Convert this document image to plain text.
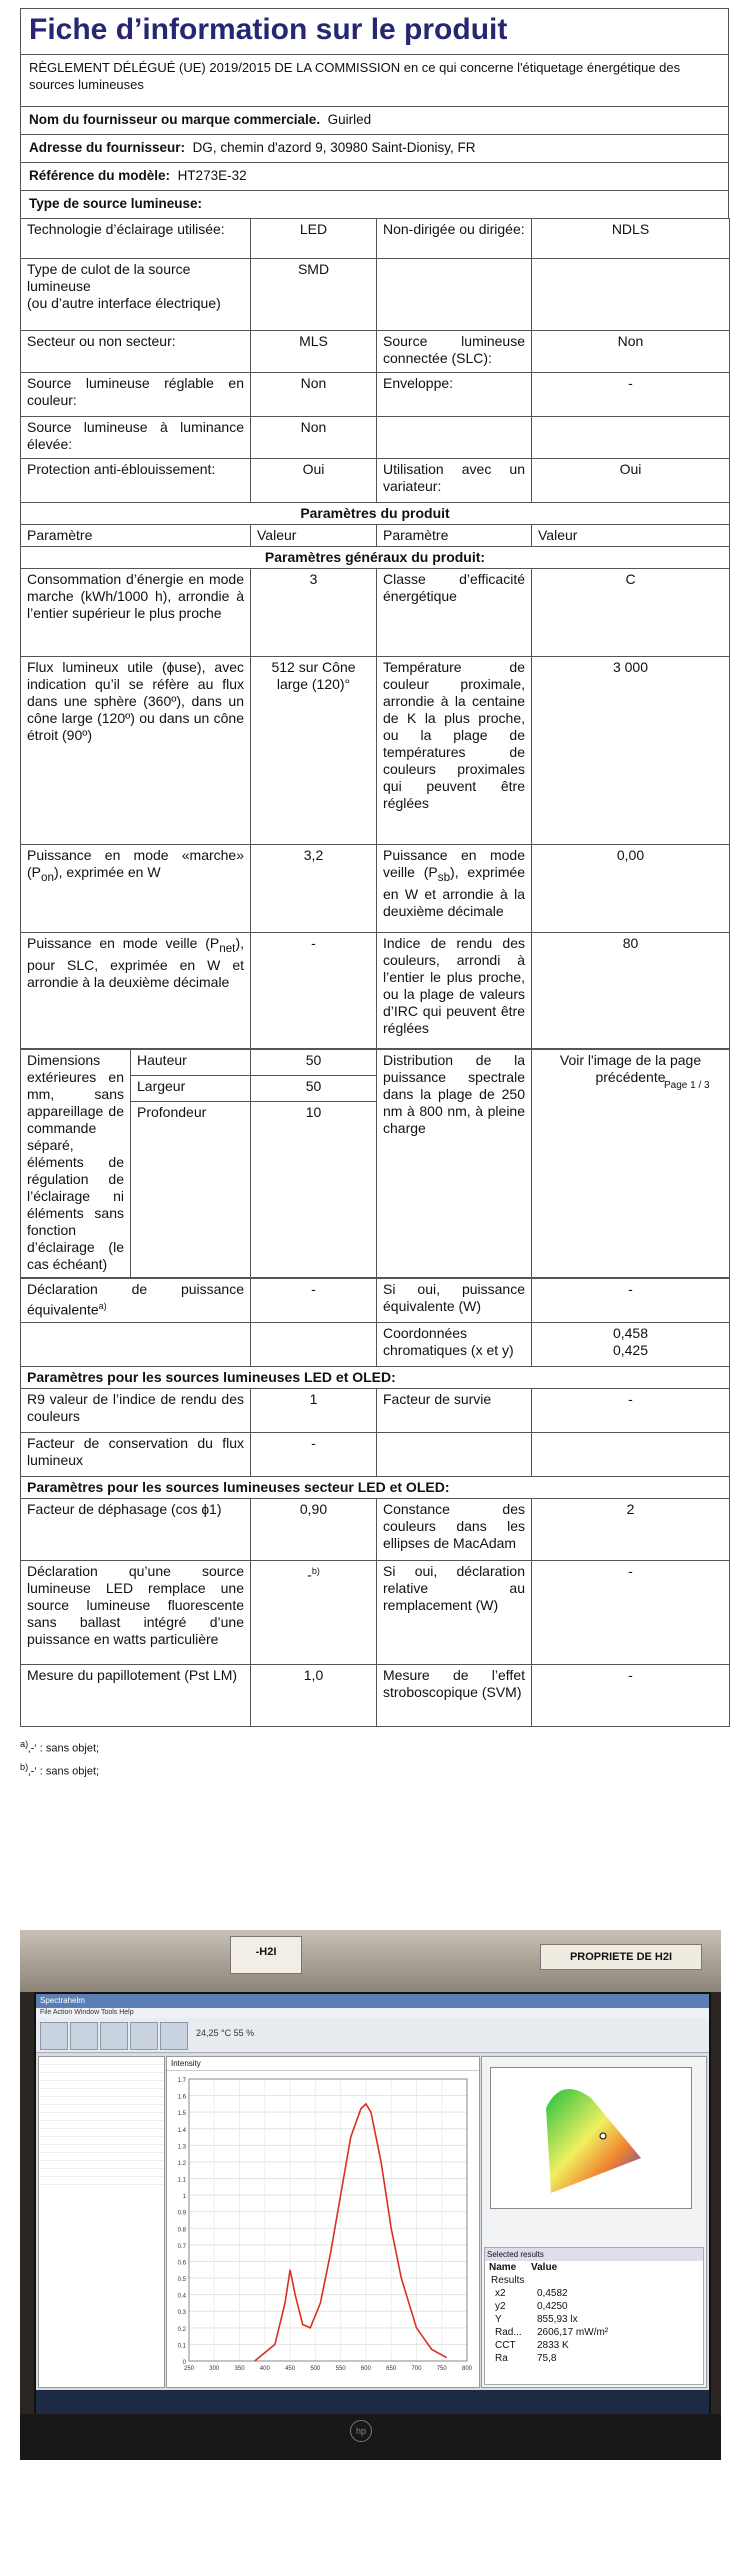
Fiche d’information sur le produit
RÈGLEMENT DÉLÉGUÉ (UE) 2019/2015 DE LA COMMISSION en ce qui concerne l'étiquetage énergétique des sources lumineuses
Nom du fournisseur ou marque commerciale. Guirled
Adresse du fournisseur: DG, chemin d'azord 9, 30980 Saint-Dionisy, FR
Référence du modèle: HT273E-32
Type de source lumineuse:
Technologie d’éclairage utilisée:	LED	Non-dirigée ou dirigée:	NDLS
Type de culot de la source lumineuse
(ou d’autre interface électrique)	SMD		
Secteur ou non secteur:	MLS	Source lumineuse connectée (SLC):	Non
Source lumineuse réglable en couleur:	Non	Enveloppe:	-
Source lumineuse à luminance élevée:	Non		
Protection anti-éblouissement:	Oui	Utilisation avec un variateur:	Oui
Paramètres du produit			
Paramètre	Valeur	Paramètre	Valeur
Paramètres généraux du produit:			
Consommation d’énergie en mode marche (kWh/1000 h), arrondie à l’entier supérieur le plus proche	3	Classe d’efficacité énergétique	C
Flux lumineux utile (ɸuse), avec indication qu’il se réfère au flux dans une sphère (360º), dans un cône large (120º) ou dans un cône étroit (90º)	512 sur Cône large (120)°	Température de couleur proximale, arrondie à la centaine de K la plus proche, ou la plage de températures de couleurs proximales qui peuvent être réglées	3 000
Puissance en mode «marche» $(P_{on})$, exprimée en W	3,2	Puissance en mode veille $(P_{sb})$, exprimée en W et arrondie à la deuxième décimale	0,00
Puissance en mode veille $(P_{net})$, pour SLC, exprimée en W et arrondie à la deuxième décimale	-	Indice de rendu des couleurs, arrondi à l’entier le plus proche, ou la plage de valeurs d’IRC qui peuvent être réglées	80
Dimensions extérieures en mm, sans appareillage de commande séparé, éléments de régulation de l’éclairage ni éléments sans fonction d’éclairage (le cas échéant)	Hauteur	50	Distribution de la puissance spectrale dans la plage de 250 nm à 800 nm, à pleine charge	Voir l'image de la page précédente
	Largeur	50		
	Profondeur	10		

Déclaration de puissance équivalente$^{a)}$	-	Si oui, puissance équivalente (W)	-
		Coordonnées chromatiques (x et y)	0,458
0,425
Paramètres pour les sources lumineuses LED et OLED:			
R9 valeur de l’indice de rendu des couleurs	1	Facteur de survie	-
Facteur de conservation du flux lumineux	-		
Paramètres pour les sources lumineuses secteur LED et OLED:			
Facteur de déphasage (cos ɸ1)	0,90	Constance des couleurs dans les ellipses de MacAdam	2
Déclaration qu’une source lumineuse LED remplace une source lumineuse fluorescente sans ballast intégré d’une puissance en watts particulière	-$^{b)}$	Si oui, déclaration relative au remplacement (W)	-
Mesure du papillotement (Pst LM)	1,0	Mesure de l’effet stroboscopique (SVM)	-
$^{a)}$‚-‘ : sans objet;
$^{b)}$‚-‘ : sans objet;
Page 1 / 3
-H2I	PROPRIETE DE H2I
Spectrahelm
File Action Window Tools Help
24,25 °C 55 %
Intensity
0
0.1
0.2
0.3
0.4
0.5
0.6
0.7
0.8
0.9
1
1.1
1.2
1.3
1.4
1.5
1.6
1.7
250	300	350	400	450	500	550	600	650	700	750	800
Selected results
Name	Value
Results
x2	0,4582
y2	0,4250
Y	855,93 lx
Rad...	2606,17 mW/m²
CCT	2833 K
Ra	75,8
hp
